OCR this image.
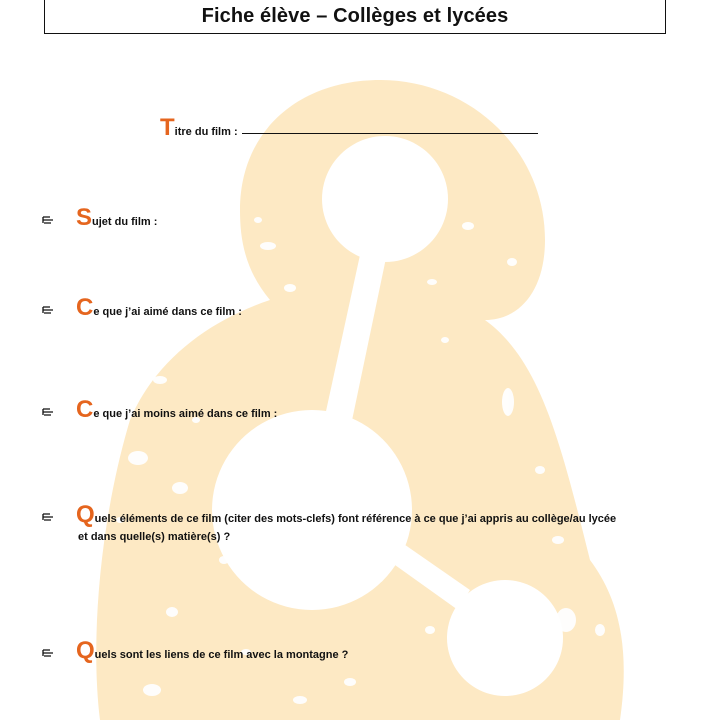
Fiche élève – Collèges et lycées
T itre du film :
S ujet du film :
C e que j’ai aimé dans ce film :
C e que j’ai moins aimé dans ce film :
Q uels éléments de ce film (citer des mots-clefs) font référence à ce que j’ai appris au collège/au lycée
et dans quelle(s) matière(s) ?
Q uels sont les liens de ce film avec la montagne ?
